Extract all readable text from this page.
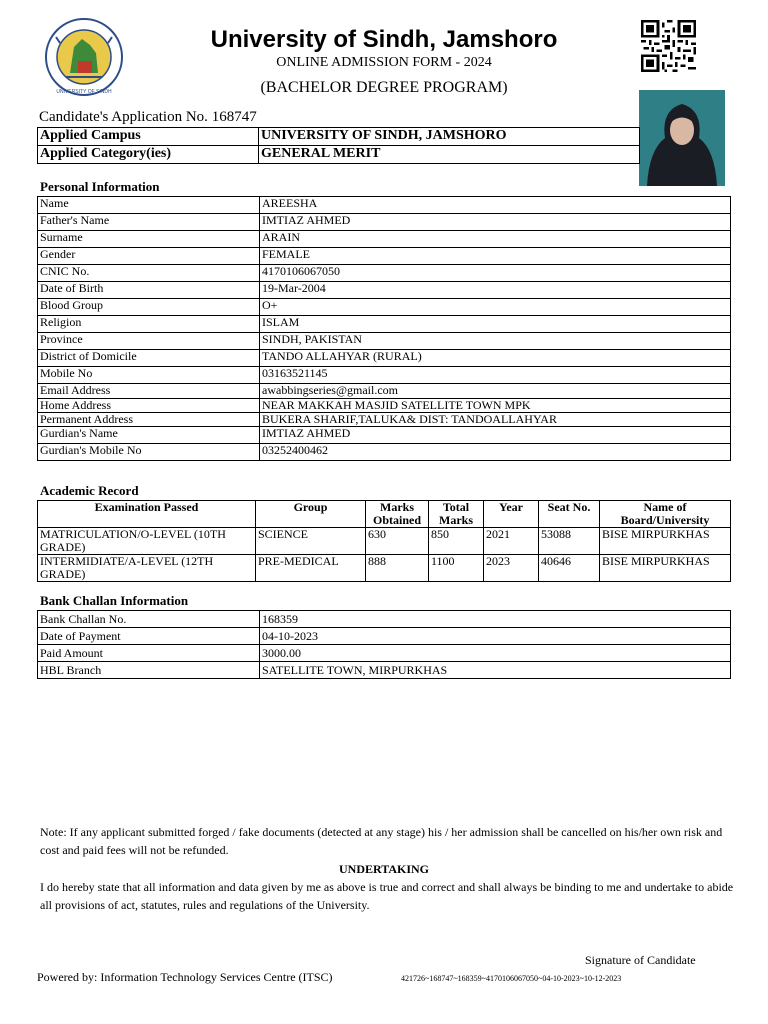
UNIVERSITY OF SINDH
University of Sindh, Jamshoro
ONLINE ADMISSION FORM - 2024
(BACHELOR DEGREE PROGRAM)
Candidate's Application No. 168747
Applied Campus	UNIVERSITY OF SINDH, JAMSHORO
Applied Category(ies)	GENERAL MERIT
Personal Information
Name	AREESHA
Father's Name	IMTIAZ AHMED
Surname	ARAIN
Gender	FEMALE
CNIC No.	4170106067050
Date of Birth	19-Mar-2004
Blood Group	O+
Religion	ISLAM
Province	SINDH, PAKISTAN
District of Domicile	TANDO ALLAHYAR (RURAL)
Mobile No	03163521145
Email Address	awabbingseries@gmail.com
Home Address	NEAR MAKKAH MASJID SATELLITE TOWN MPK
Permanent Address	BUKERA SHARIF,TALUKA& DIST: TANDOALLAHYAR
Gurdian's Name	IMTIAZ AHMED
Gurdian's Mobile No	03252400462
Academic Record
Examination Passed	Group	Marks Obtained	Total Marks	Year	Seat No.	Name of Board/University
MATRICULATION/O-LEVEL (10TH GRADE)	SCIENCE	630	850	2021	53088	BISE MIRPURKHAS
INTERMIDIATE/A-LEVEL (12TH GRADE)	PRE-MEDICAL	888	1100	2023	40646	BISE MIRPURKHAS
Bank Challan Information
Bank Challan No.	168359
Date of Payment	04-10-2023
Paid Amount	3000.00
HBL Branch	SATELLITE TOWN, MIRPURKHAS
Note: If any applicant submitted forged / fake documents (detected at any stage) his / her admission shall be cancelled on his/her own risk and cost and paid fees will not be refunded.
UNDERTAKING
I do hereby state that all information and data given by me as above is true and correct and shall always be binding to me and undertake to abide all provisions of act, statutes, rules and regulations of the University.
Signature of Candidate
Powered by: Information Technology Services Centre (ITSC)	421726~168747~168359~4170106067050~04-10-2023~10-12-2023
